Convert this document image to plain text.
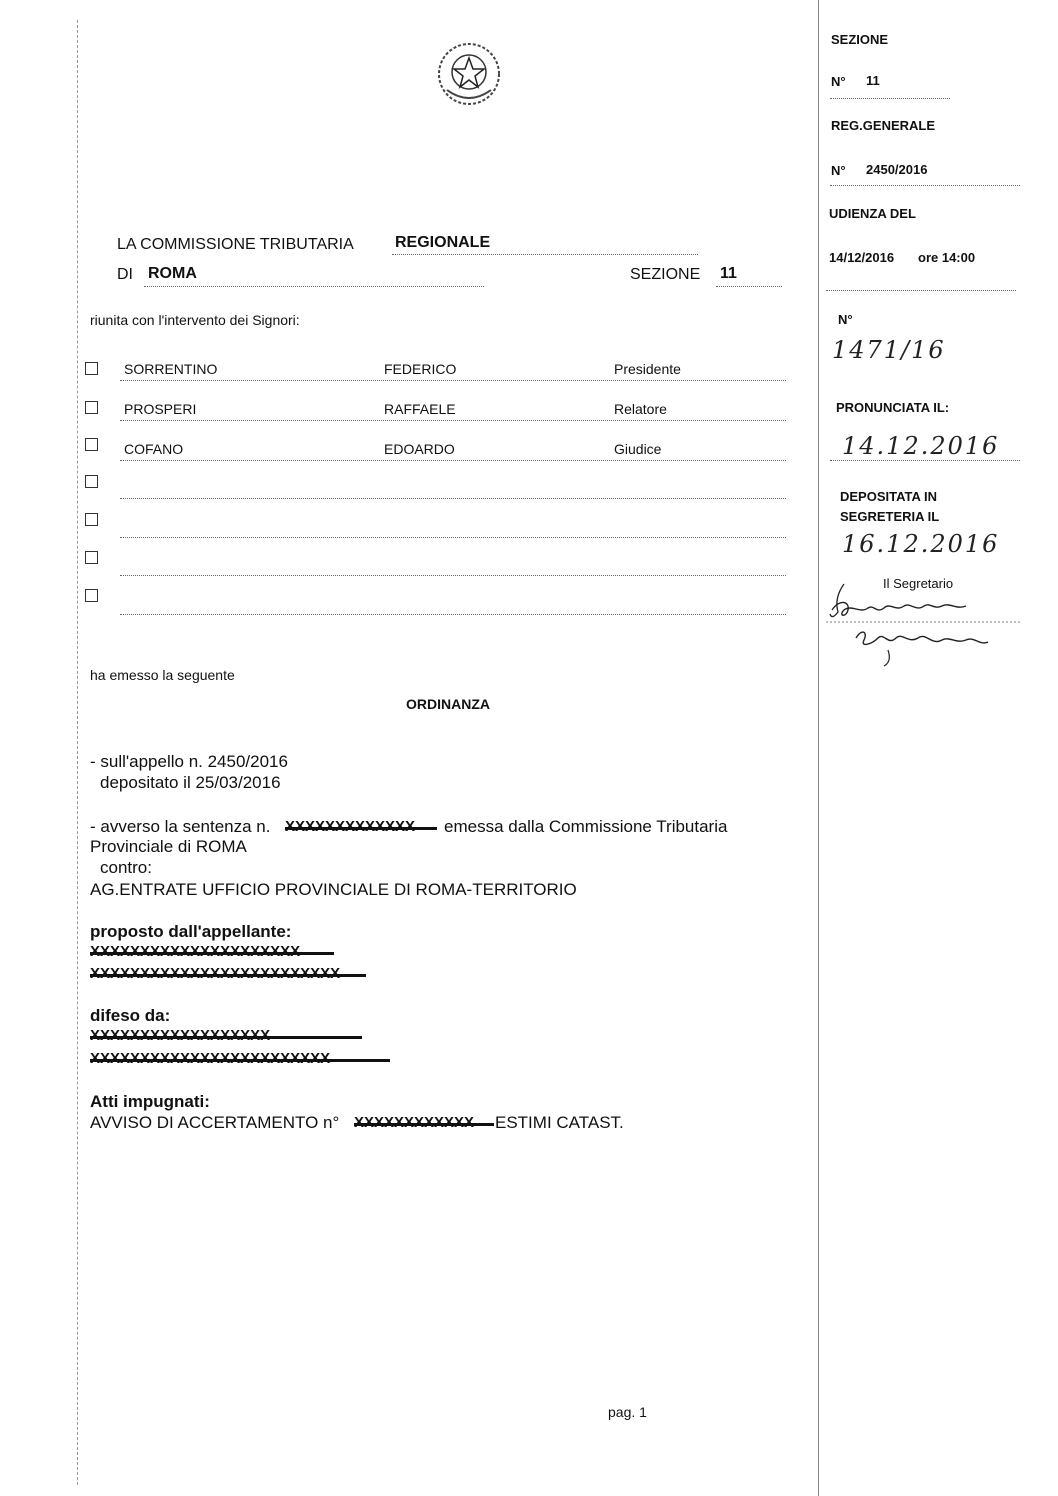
LA COMMISSIONE TRIBUTARIA	REGIONALE
DI ROMA	SEZIONE 11
riunita con l'intervento dei Signori:
SORRENTINO	FEDERICO	Presidente
PROSPERI	RAFFAELE	Relatore
COFANO	EDOARDO	Giudice
ha emesso la seguente
ORDINANZA
- sull'appello n. 2450/2016
depositato il 25/03/2016
- avverso la sentenza n. XXXXXXXXXXXXX	emessa dalla Commissione Tributaria
Provinciale di ROMA
contro:
AG.ENTRATE UFFICIO PROVINCIALE DI ROMA-TERRITORIO
proposto dall'appellante:
XXXXXXXXXXXXXXXXXXXXX
XXXXXXXXXXXXXXXXXXXXXXXXX
difeso da:
XXXXXXXXXXXXXXXXXX
XXXXXXXXXXXXXXXXXXXXXXXX
Atti impugnati:
AVVISO DI ACCERTAMENTO n° XXXXXXXXXXXX	ESTIMI CATAST.
pag. 1
SEZIONE
N° 11
REG.GENERALE
N° 2450/2016
UDIENZA DEL
14/12/2016 ore 14:00
N°
1471/16
PRONUNCIATA IL:
14.12.2016
DEPOSITATA IN
SEGRETERIA IL
16.12.2016
Il Segretario
